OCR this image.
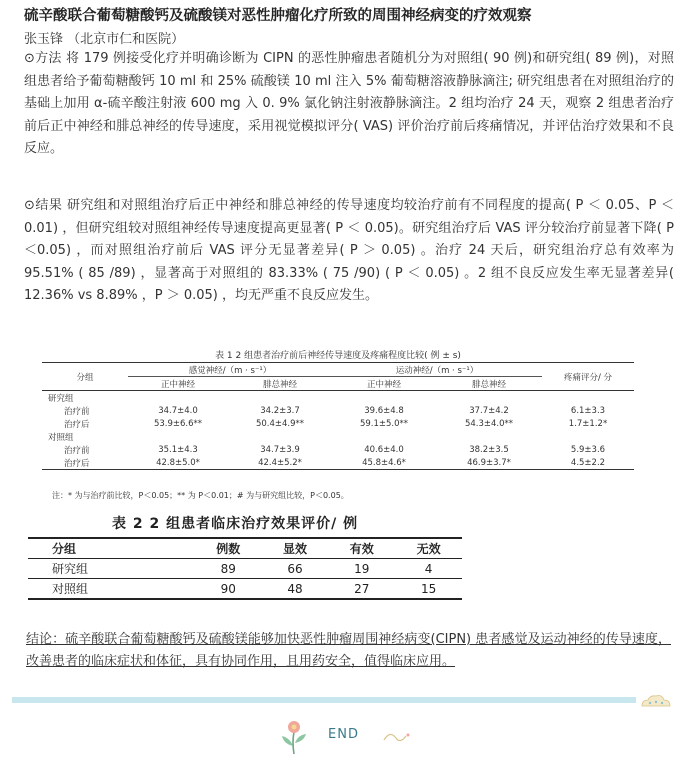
硫辛酸联合葡萄糖酸钙及硫酸镁对恶性肿瘤化疗所致的周围神经病变的疗效观察
张玉锋 （北京市仁和医院）
⊙方法 将 179 例接受化疗并明确诊断为 CIPN 的恶性肿瘤患者随机分为对照组( 90 例)和研究组( 89 例)，对照组患者给予葡萄糖酸钙 10 ml 和 25% 硫酸镁 10 ml 注入 5% 葡萄糖溶液静脉滴注; 研究组患者在对照组治疗的基础上加用 α-硫辛酸注射液 600 mg 入 0. 9% 氯化钠注射液静脉滴注。2 组均治疗 24 天，观察 2 组患者治疗前后正中神经和腓总神经的传导速度，采用视觉模拟评分( VAS) 评价治疗前后疼痛情况，并评估治疗效果和不良反应。
⊙结果 研究组和对照组治疗后正中神经和腓总神经的传导速度均较治疗前有不同程度的提高( P ＜ 0.05、P ＜ 0.01) ，但研究组较对照组神经传导速度提高更显著( P ＜ 0.05)。研究组治疗后 VAS 评分较治疗前显著下降( P ＜0.05) ，而对照组治疗前后 VAS 评分无显著差异( P ＞ 0.05) 。治疗 24 天后，研究组治疗总有效率为 95.51% ( 85 /89) ，显著高于对照组的 83.33% ( 75 /90) ( P ＜ 0.05) 。2 组不良反应发生率无显著差异( 12.36% vs 8.89% ，P ＞ 0.05) ，均无严重不良反应发生。
表 1 2 组患者治疗前后神经传导速度及疼痛程度比较( 例 ± s)
分组	感觉神经/（m · s⁻¹）		运动神经/（m · s⁻¹）		疼痛评分/ 分
	正中神经	腓总神经	正中神经	腓总神经	
研究组					
治疗前	34.7±4.0	34.2±3.7	39.6±4.8	37.7±4.2	6.1±3.3
治疗后	53.9±6.6**	50.4±4.9**	59.1±5.0**	54.3±4.0**	1.7±1.2*
对照组					
治疗前	35.1±4.3	34.7±3.9	40.6±4.0	38.2±3.5	5.9±3.6
治疗后	42.8±5.0*	42.4±5.2*	45.8±4.6*	46.9±3.7*	4.5±2.2
注：* 为与治疗前比较，P＜0.05；** 为 P＜0.01；# 为与研究组比较，P＜0.05。
表 2 2 组患者临床治疗效果评价/ 例
分组	例数	显效	有效	无效
研究组	89	66	19	4
对照组	90	48	27	15
结论：硫辛酸联合葡萄糖酸钙及硫酸镁能够加快恶性肿瘤周围神经病变(CIPN) 患者感觉及运动神经的传导速度，改善患者的临床症状和体征，具有协同作用，且用药安全，值得临床应用。
END
